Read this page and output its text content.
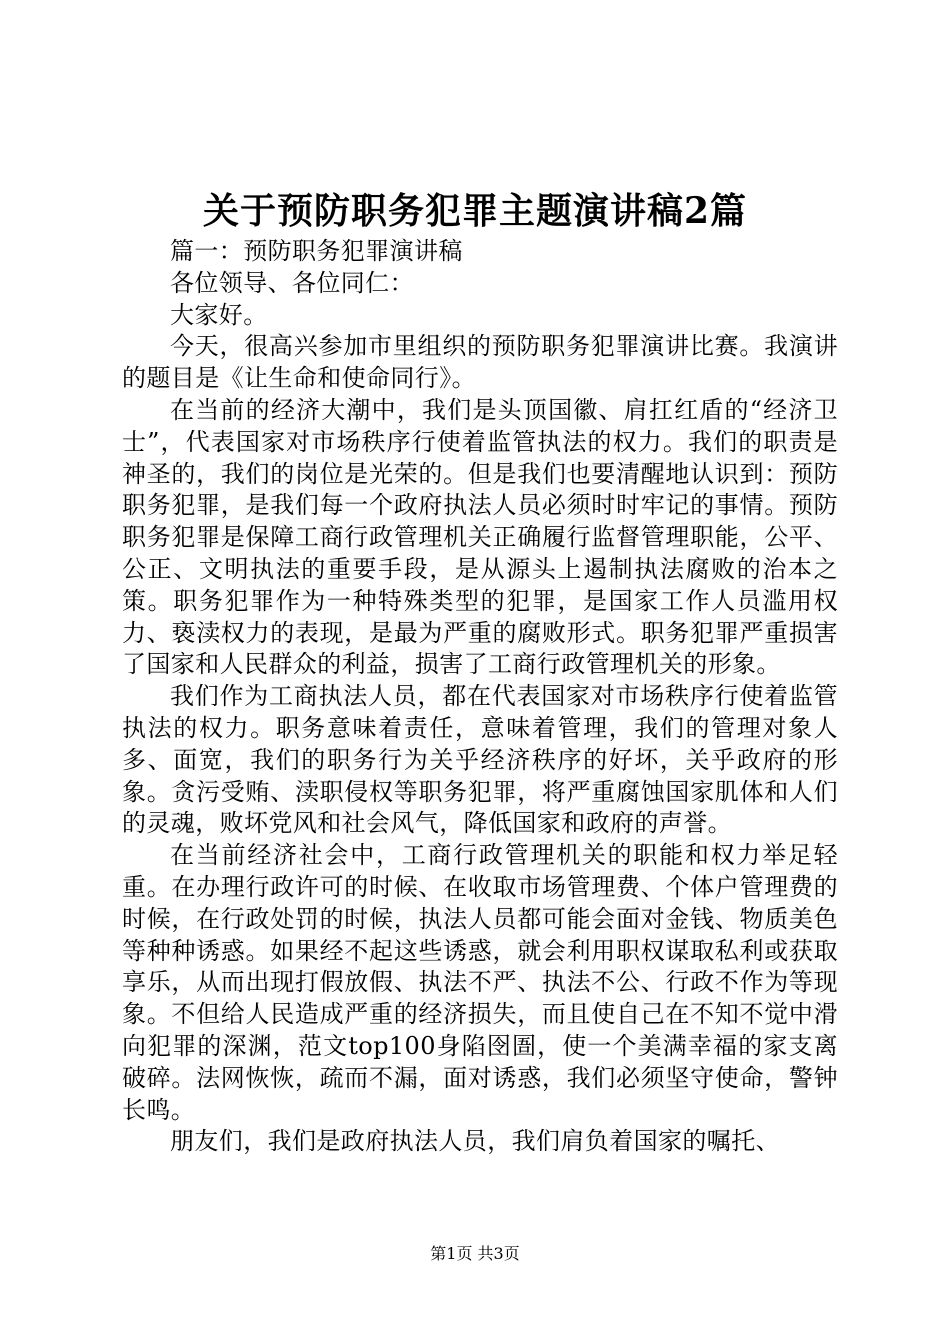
关于预防职务犯罪主题演讲稿2篇

篇一：预防职务犯罪演讲稿

各位领导、各位同仁：

大家好。

今天，很高兴参加市里组织的预防职务犯罪演讲比赛。我演讲的题目是《让生命和使命同行》。

在当前的经济大潮中，我们是头顶国徽、肩扛红盾的“经济卫士”，代表国家对市场秩序行使着监管执法的权力。我们的职责是神圣的，我们的岗位是光荣的。但是我们也要清醒地认识到：预防职务犯罪，是我们每一个政府执法人员必须时时牢记的事情。预防职务犯罪是保障工商行政管理机关正确履行监督管理职能，公平、公正、文明执法的重要手段，是从源头上遏制执法腐败的治本之策。职务犯罪作为一种特殊类型的犯罪，是国家工作人员滥用权力、亵渎权力的表现，是最为严重的腐败形式。职务犯罪严重损害了国家和人民群众的利益，损害了工商行政管理机关的形象。

我们作为工商执法人员，都在代表国家对市场秩序行使着监管执法的权力。职务意味着责任，意味着管理，我们的管理对象人多、面宽，我们的职务行为关乎经济秩序的好坏，关乎政府的形象。贪污受贿、渎职侵权等职务犯罪，将严重腐蚀国家肌体和人们的灵魂，败坏党风和社会风气，降低国家和政府的声誉。

在当前经济社会中，工商行政管理机关的职能和权力举足轻重。在办理行政许可的时候、在收取市场管理费、个体户管理费的时候，在行政处罚的时候，执法人员都可能会面对金钱、物质美色等种种诱惑。如果经不起这些诱惑，就会利用职权谋取私利或获取享乐，从而出现打假放假、执法不严、执法不公、行政不作为等现象。不但给人民造成严重的经济损失，而且使自己在不知不觉中滑向犯罪的深渊，范文top100身陷囹圄，使一个美满幸福的家支离破碎。法网恢恢，疏而不漏，面对诱惑，我们必须坚守使命，警钟长鸣。

朋友们，我们是政府执法人员，我们肩负着国家的嘱托、

第1页 共3页
